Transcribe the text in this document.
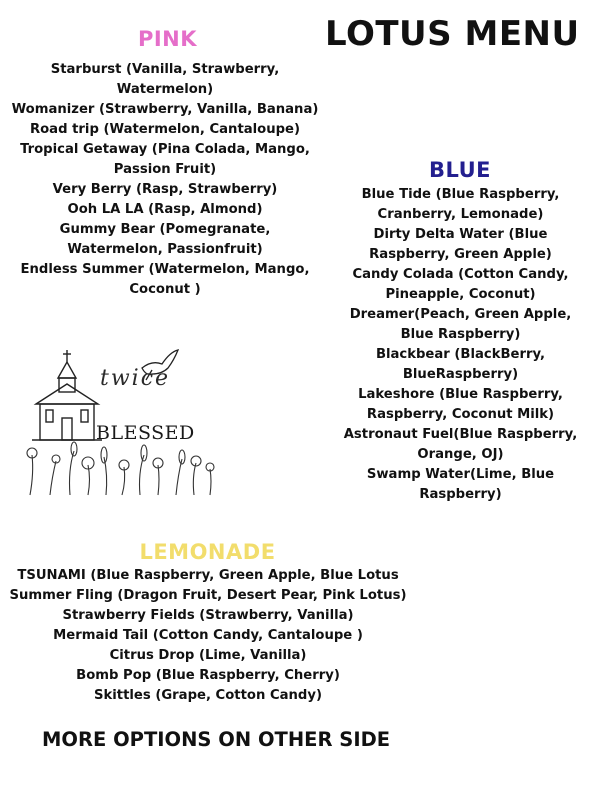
LOTUS MENU
PINK
Starburst (Vanilla, Strawberry, Watermelon)
Womanizer (Strawberry, Vanilla, Banana)
Road trip (Watermelon, Cantaloupe)
Tropical Getaway (Pina Colada, Mango, Passion Fruit)
Very Berry (Rasp, Strawberry)
Ooh LA LA (Rasp, Almond)
Gummy Bear (Pomegranate, Watermelon, Passionfruit)
Endless Summer (Watermelon, Mango, Coconut )
BLUE
Blue Tide (Blue Raspberry, Cranberry, Lemonade)
Dirty Delta Water (Blue Raspberry, Green Apple)
Candy Colada (Cotton Candy, Pineapple, Coconut)
Dreamer(Peach, Green Apple, Blue Raspberry)
Blackbear (BlackBerry, BlueRaspberry)
Lakeshore (Blue Raspberry, Raspberry, Coconut Milk)
Astronaut Fuel(Blue Raspberry, Orange, OJ)
Swamp Water(Lime, Blue Raspberry)
twice
BLESSED
LEMONADE
TSUNAMI (Blue Raspberry, Green Apple, Blue Lotus
Summer Fling (Dragon Fruit, Desert Pear, Pink Lotus)
Strawberry Fields (Strawberry, Vanilla)
Mermaid Tail (Cotton Candy, Cantaloupe )
Citrus Drop (Lime, Vanilla)
Bomb Pop (Blue Raspberry, Cherry)
Skittles (Grape, Cotton Candy)
MORE OPTIONS ON OTHER SIDE
